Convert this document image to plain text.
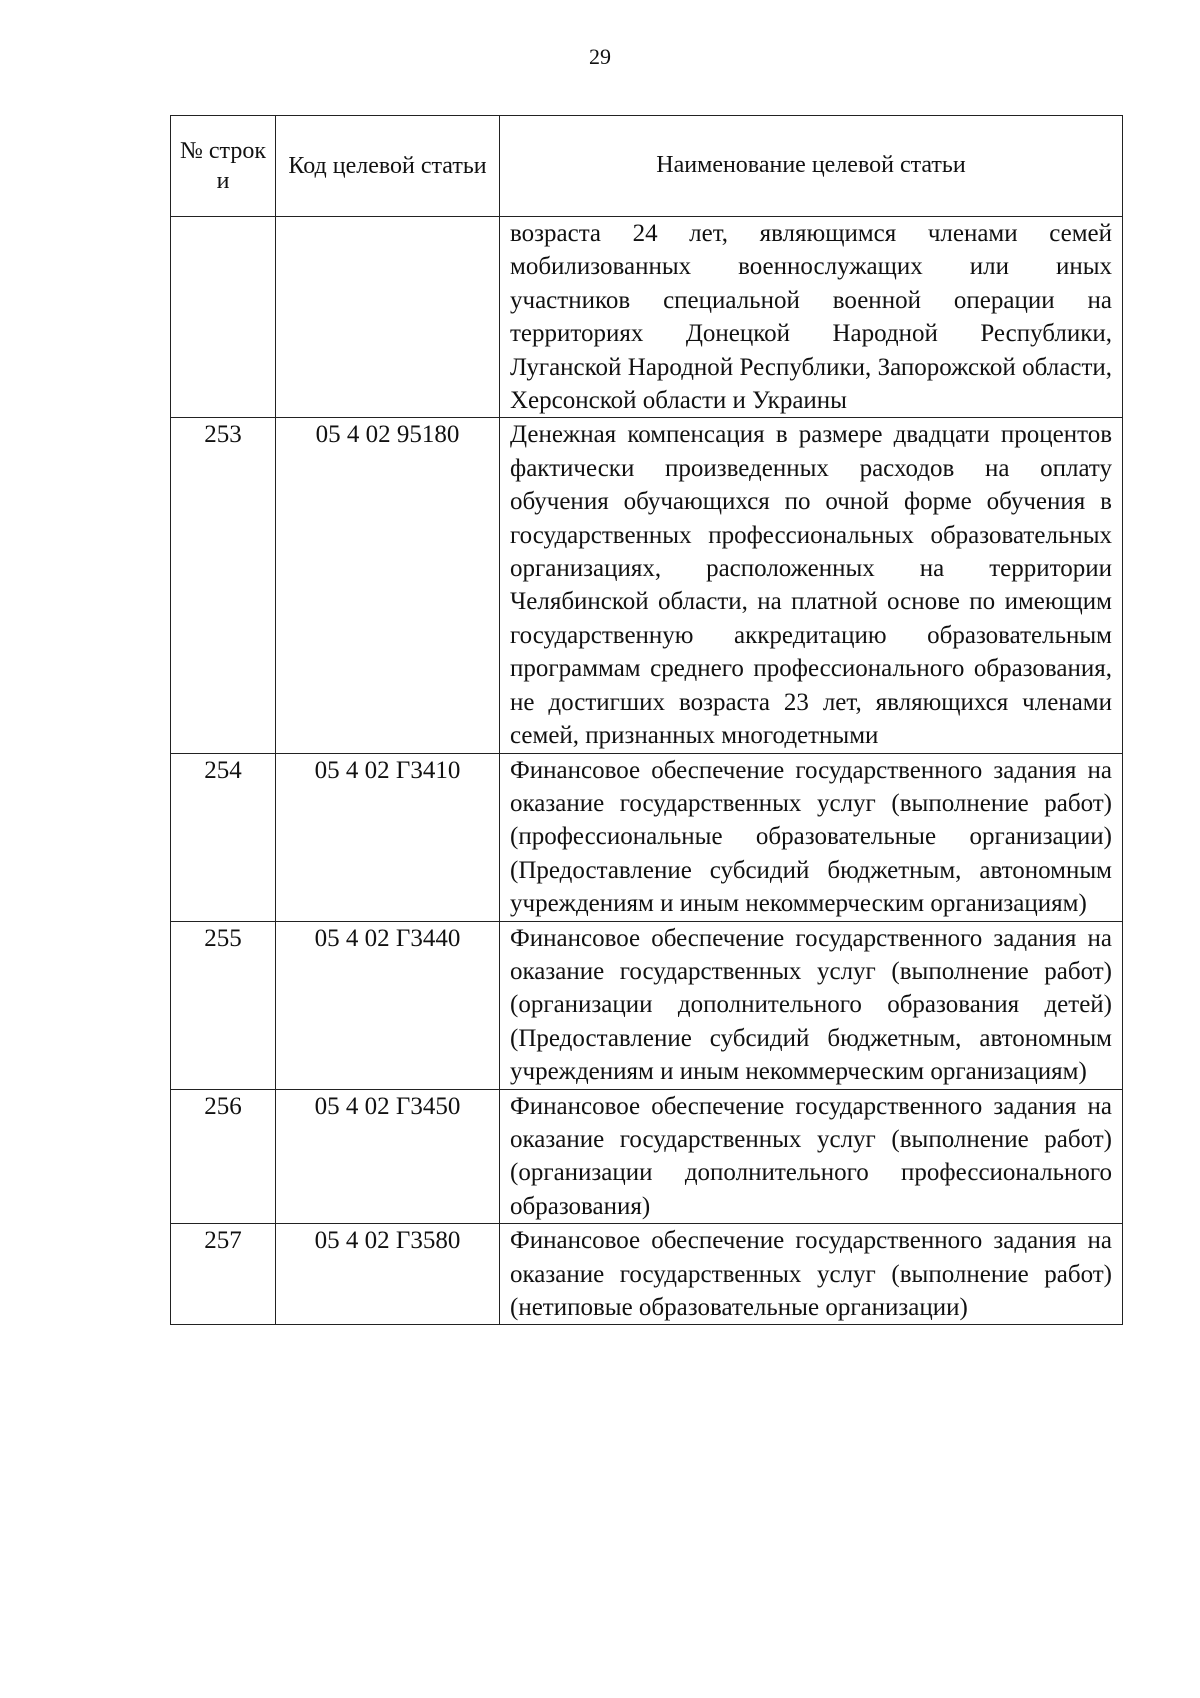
29
№ строк и	Код целевой статьи	Наименование целевой статьи

		возраста 24 лет, являющимся членами семей мобилизованных военнослужащих или иных участников специальной военной операции на территориях Донецкой Народной Республики, Луганской Народной Республики, Запорожской области, Херсонской области и Украины

253	05 4 02 95180	Денежная компенсация в размере двадцати процентов фактически произведенных расходов на оплату обучения обучающихся по очной форме обучения в государственных профессиональных образовательных организациях, расположенных на территории Челябинской области, на платной основе по имеющим государственную аккредитацию образовательным программам среднего профессионального образования, не достигших возраста 23 лет, являющихся членами семей, признанных многодетными

254	05 4 02 Г3410	Финансовое обеспечение государственного задания на оказание государственных услуг (выполнение работ) (профессиональные образовательные организации) (Предоставление субсидий бюджетным, автономным учреждениям и иным некоммерческим организациям)

255	05 4 02 Г3440	Финансовое обеспечение государственного задания на оказание государственных услуг (выполнение работ) (организации дополнительного образования детей) (Предоставление субсидий бюджетным, автономным учреждениям и иным некоммерческим организациям)

256	05 4 02 Г3450	Финансовое обеспечение государственного задания на оказание государственных услуг (выполнение работ) (организации дополнительного профессионального образования)

257	05 4 02 Г3580	Финансовое обеспечение государственного задания на оказание государственных услуг (выполнение работ) (нетиповые образовательные организации)
